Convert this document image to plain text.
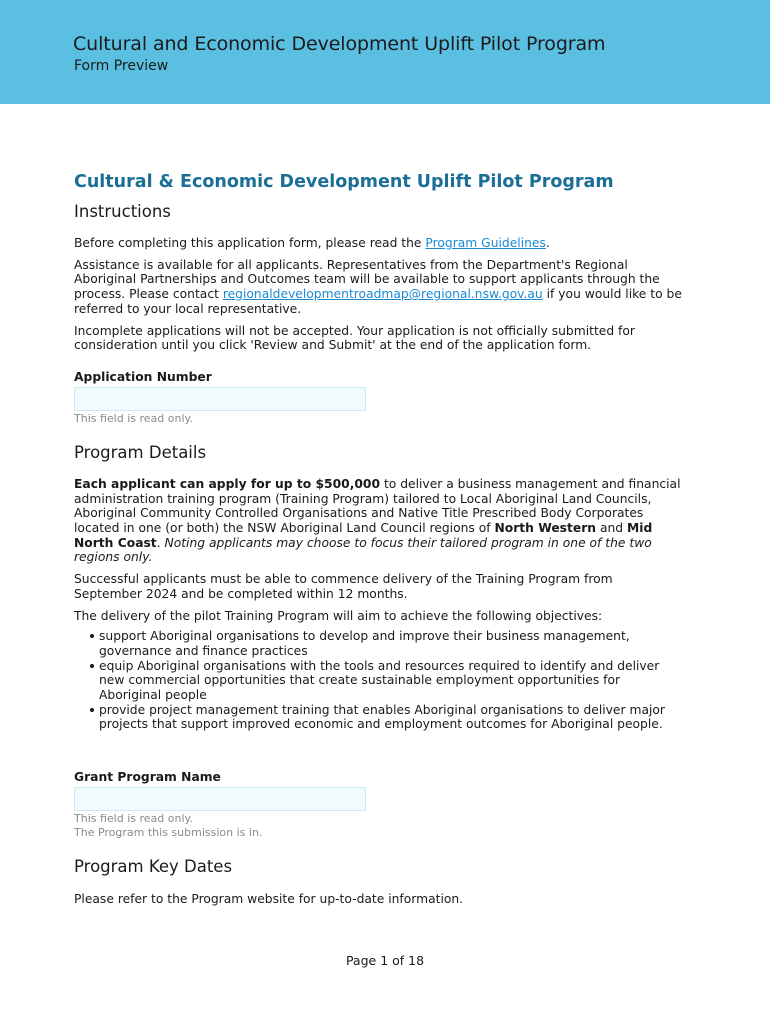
Cultural and Economic Development Uplift Pilot Program
Form Preview
Cultural & Economic Development Uplift Pilot Program
Instructions

Before completing this application form, please read the Program Guidelines.

Assistance is available for all applicants. Representatives from the Department's Regional Aboriginal Partnerships and Outcomes team will be available to support applicants through the process. Please contact regionaldevelopmentroadmap@regional.nsw.gov.au if you would like to be referred to your local representative.

Incomplete applications will not be accepted. Your application is not officially submitted for consideration until you click 'Review and Submit' at the end of the application form.

Application Number
This field is read only.
Program Details

Each applicant can apply for up to $500,000 to deliver a business management and financial administration training program (Training Program) tailored to Local Aboriginal Land Councils, Aboriginal Community Controlled Organisations and Native Title Prescribed Body Corporates located in one (or both) the NSW Aboriginal Land Council regions of North Western and Mid North Coast. Noting applicants may choose to focus their tailored program in one of the two regions only.

Successful applicants must be able to commence delivery of the Training Program from September 2024 and be completed within 12 months.

The delivery of the pilot Training Program will aim to achieve the following objectives:

support Aboriginal organisations to develop and improve their business management, governance and finance practices
equip Aboriginal organisations with the tools and resources required to identify and deliver new commercial opportunities that create sustainable employment opportunities for Aboriginal people
provide project management training that enables Aboriginal organisations to deliver major projects that support improved economic and employment outcomes for Aboriginal people.
Grant Program Name
This field is read only.
The Program this submission is in.
Program Key Dates

Please refer to the Program website for up-to-date information.

Page 1 of 18
